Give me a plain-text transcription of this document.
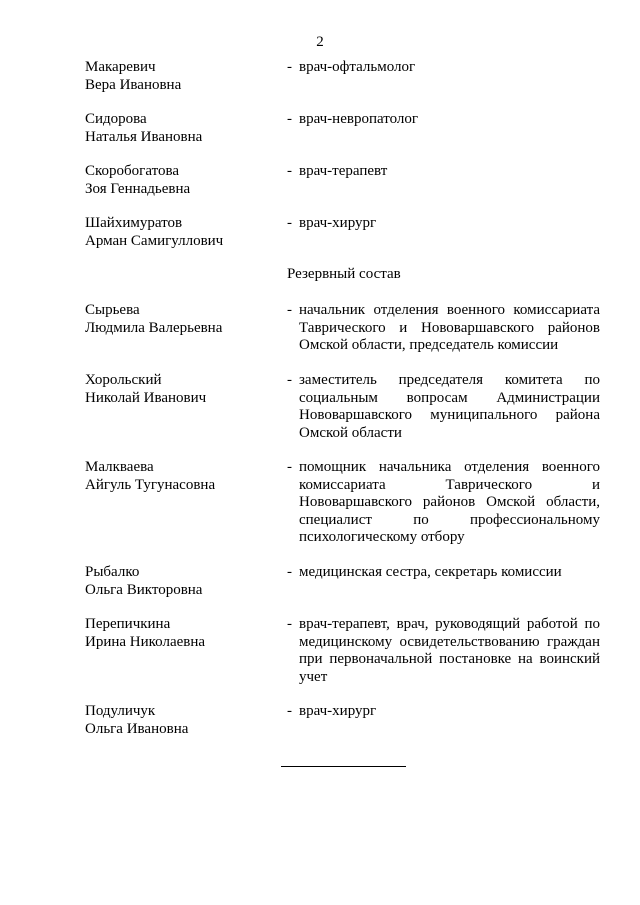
2
Макаревич
Вера Ивановна
- врач-офтальмолог
Сидорова
Наталья Ивановна
- врач-невропатолог
Скоробогатова
Зоя Геннадьевна
- врач-терапевт
Шайхимуратов
Арман Самигуллович
- врач-хирург
Резервный состав
Сырьева
Людмила Валерьевна
- начальник отделения военного комиссариата Таврического и Нововаршавского районов Омской области, председатель комиссии
Хорольский
Николай Иванович
- заместитель председателя комитета по социальным вопросам Администрации Нововаршавского муниципального района Омской области
Малкваева
Айгуль Тугунасовна
- помощник начальника отделения военного комиссариата Таврического и Нововаршавского районов Омской области, специалист по профессиональному психологическому отбору
Рыбалко
Ольга Викторовна
- медицинская сестра, секретарь комиссии
Перепичкина
Ирина Николаевна
- врач-терапевт, врач, руководящий работой по медицинскому освидетельствованию граждан при первоначальной постановке на воинский учет
Подуличук
Ольга Ивановна
- врач-хирург
